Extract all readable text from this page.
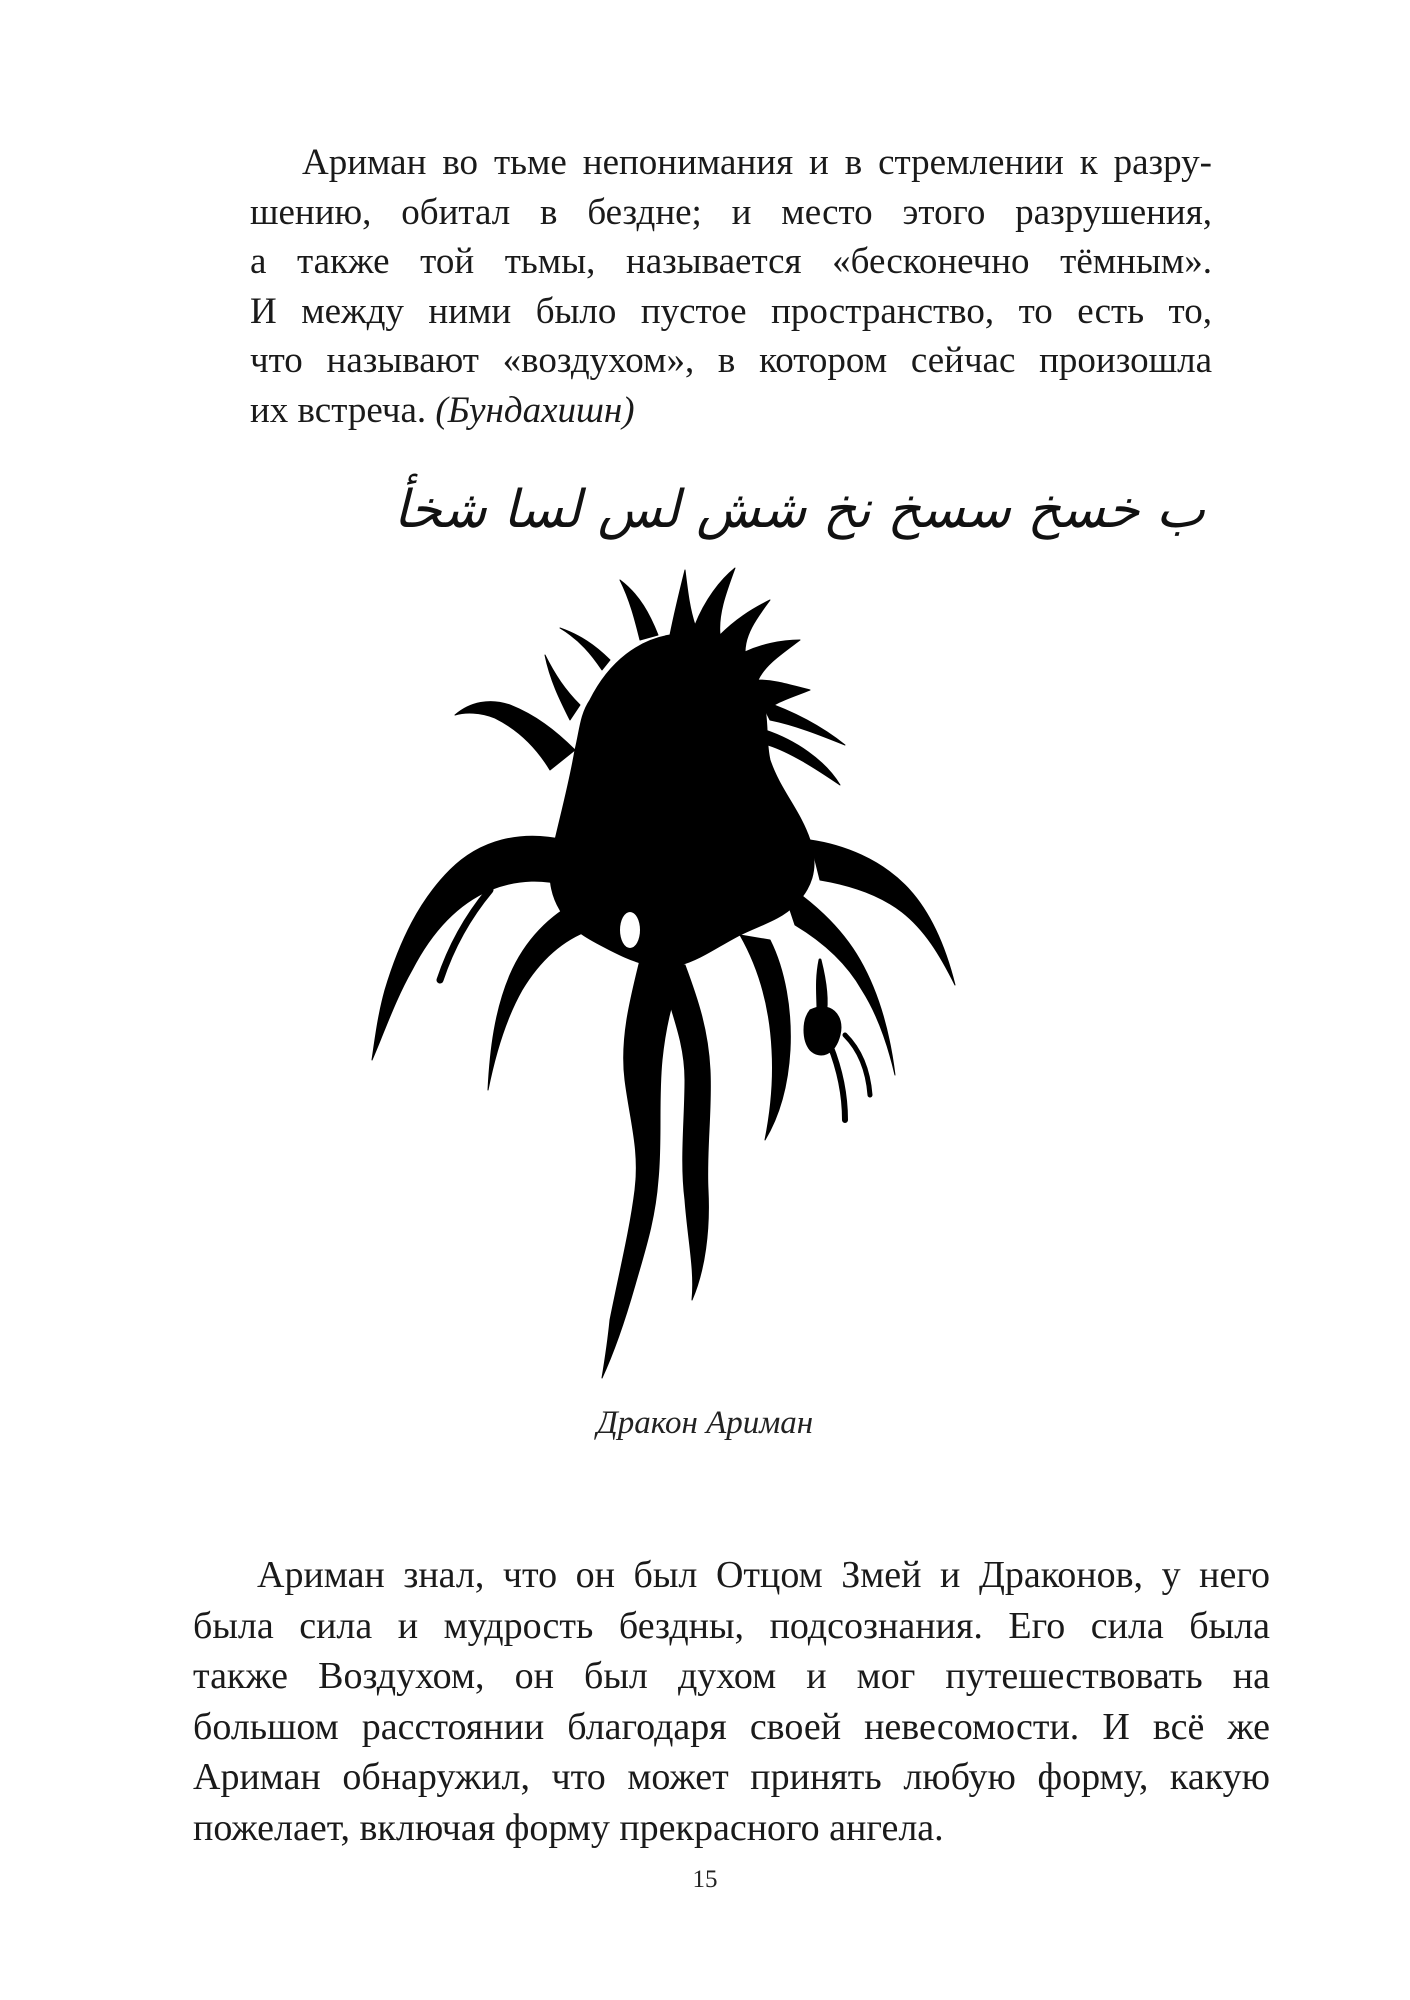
Ариман во тьме непонимания и в стремлении к разру-
шению, обитал в бездне; и место этого разрушения,
а также той тьмы, называется «бесконечно тёмным».
И между ними было пустое пространство, то есть то,
что называют «воздухом», в котором сейчас произошла
их встреча. (Бундахишн)

ب خسخ سسخ نخ شش لس لسا شخأ
Дракон Ариман

Ариман знал, что он был Отцом Змей и Драконов, у него
была сила и мудрость бездны, подсознания. Его сила была
также Воздухом, он был духом и мог путешествовать на
большом расстоянии благодаря своей невесомости. И всё же
Ариман обнаружил, что может принять любую форму, какую
пожелает, включая форму прекрасного ангела.

15
